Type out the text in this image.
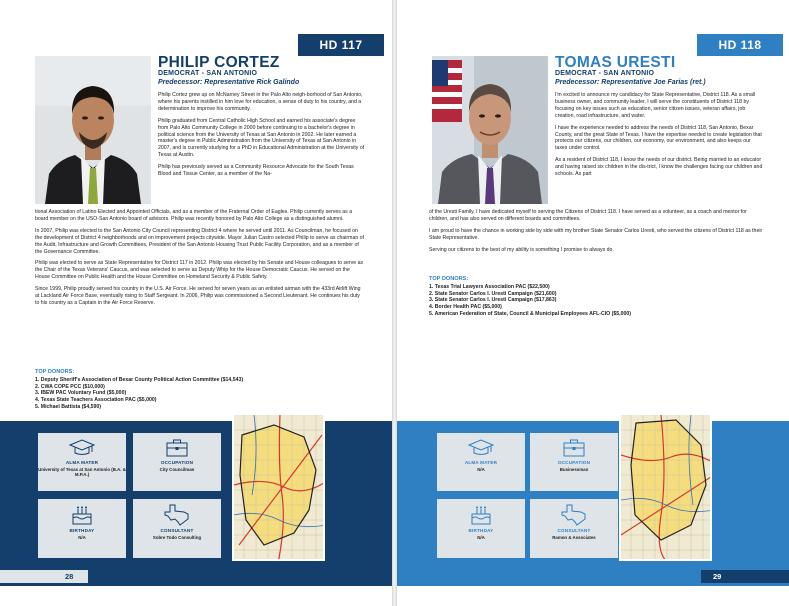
HD 117
PHILIP CORTEZ
DEMOCRAT - SAN ANTONIO
Predecessor: Representative Rick Galindo

Philip Cortez grew up on McNarney Street in the Palo Alto neigh-borhood of San Antonio, where his parents instilled in him love for education, a sense of duty to his country, and a determination to improve his community.

Philip graduated from Central Catholic High School and earned his associate's degree from Palo Alto Community College in 2000 before continuing to a bachelor's degree in political science from the University of Texas at San Antonio in 2002. He later earned a master's degree in Public Administration from the University of Texas at San Antonio in 2007, and is currently studying for a PhD in Educational Administration at the University of Texas at Austin.

Philip has previously served as a Community Resource Advocate for the South Texas Blood and Tissue Center, as a member of the Na-

tional Association of Latino Elected and Appointed Officials, and as a member of the Fraternal Order of Eagles. Philip currently serves as a board member on the USO-San Antonio board of advisors. Philip was recently honored by Palo Alto College as a distinguished alumni.

In 2007, Philip was elected to the San Antonio City Council representing District 4 where he served until 2011. As Councilman, he focused on the development of District 4 neighborhoods and on improvement projects citywide. Mayor Julian Castro selected Philip to serve as chairman of the Audit, Infrastructure and Growth Committees, President of the San Antonio Housing Trust Public Facility Corporation, and as a member of the Governance Committee.

Philip was elected to serve as State Representative for District 117 in 2012. Philip was elected by his Senate and House colleagues to serve as the Chair of the Texas Veterans' Caucus, and was selected to serve as Deputy Whip for the House Democratic Caucus. He served on the House Committee on Public Health and the House Committee on Homeland Security & Public Safety.

Since 1999, Philip proudly served his country in the U.S. Air Force. He served for seven years as an enlisted airman with the 433rd Airlift Wing at Lackland Air Force Base, eventually rising to Staff Sergeant. In 2006, Philip was commissioned a Second Lieutenant. He continues his duty to his country as a Captain in the Air Force Reserve.

TOP DONORS:
1. Deputy Sheriff's Association of Bexar County Political Action Committee ($14,543)
2. CWA COPE PCC ($10,000)
3. IBEW PAC Voluntary Fund ($5,000)
4. Texas State Teachers Association PAC ($5,000)
5. Michael Battista ($4,590)
ALMA MATER
University of Texas at San Antonio (B.A. & M.P.A.)
OCCUPATION
City Councilman
BIRTHDAY
N/A
CONSULTANT
Sobre Todo Consulting
28
HD 118
TOMAS URESTI
DEMOCRAT - SAN ANTONIO
Predecessor: Representative Joe Farias (ret.)

I'm excited to announce my candidacy for State Representative, District 118. As a small business owner, and community leader, I will serve the constituents of District 118 by focusing on key issues such as education, senior citizen issues, veteran affairs, job creation, road infrastructure, and water.

I have the experience needed to address the needs of District 118, San Antonio, Bexar County, and the great State of Texas. I have the expertise needed to create legislation that protects our citizens, our children, our economy, our environment, and also keeps our taxes under control.

As a resident of District 118, I know the needs of our district. Being married to an educator and having raised six children in the dis-trict, I know the challenges facing our children and schools. As part

of the Uresti Family, I have dedicated myself to serving the Citizens of District 118. I have served as a volunteer, as a coach and mentor for children, and has also served on different boards and committees.

I am proud to have the chance in working side by side with my brother State Senator Carlos Uresti, who served the citizens of District 118 as their State Representative.

Serving our citizens to the best of my ability is something I promise to always do.

TOP DONORS:
1. Texas Trial Lawyers Association PAC ($22,500)
2. State Senator Carlos I. Uresti Campaign ($21,600)
3. State Senator Carlos I. Uresti Campaign ($17,863)
4. Border Health PAC ($5,000)
5. American Federation of State, Council & Municipal Employees AFL-CIO ($5,000)
ALMA MATER
N/A
OCCUPATION
Businessman
BIRTHDAY
N/A
CONSULTANT
Ramon & Associates
29
